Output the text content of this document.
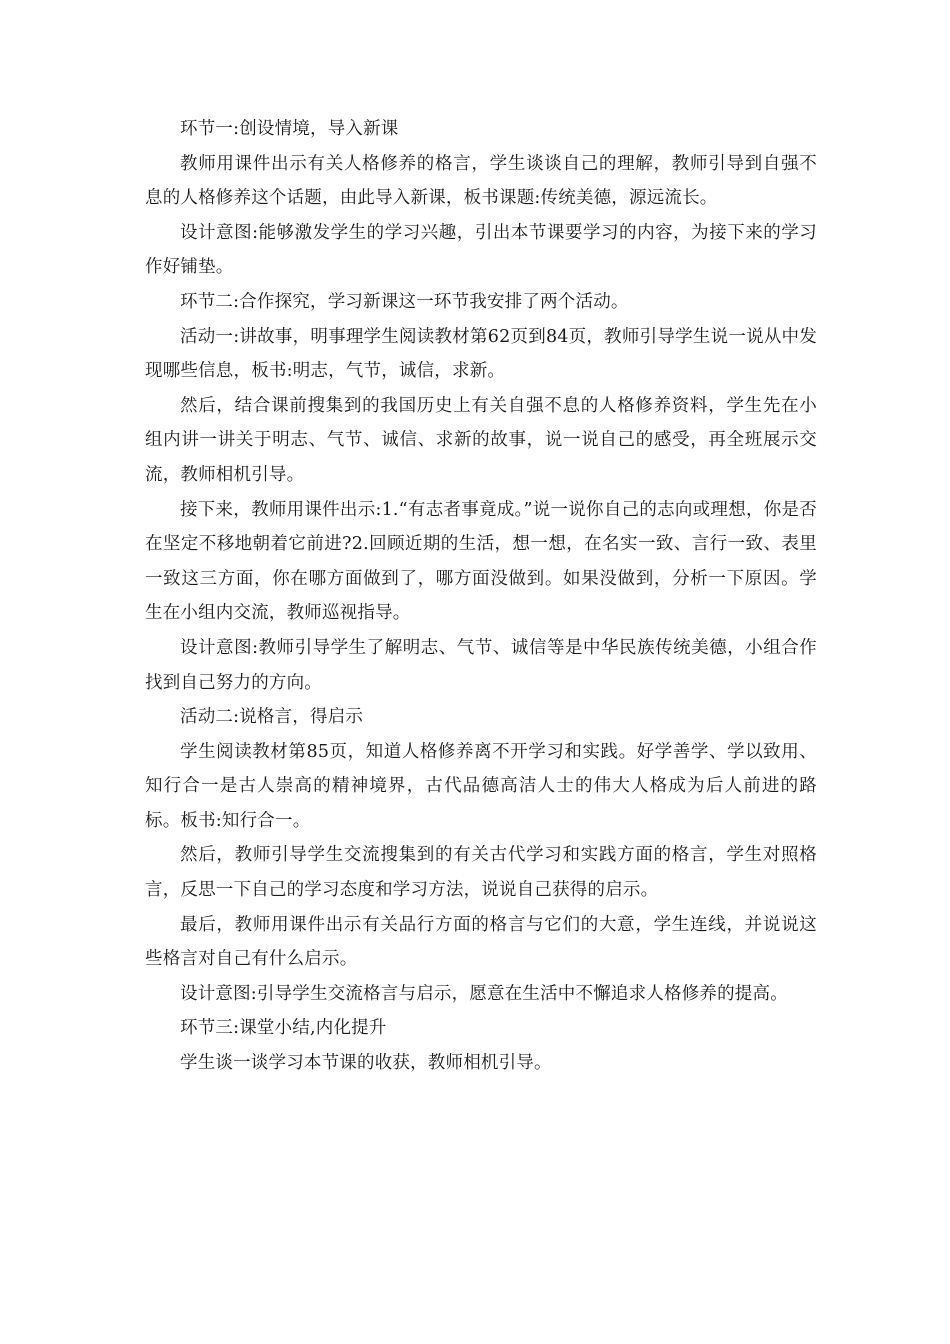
环节一:创设情境，导入新课

教师用课件出示有关人格修养的格言，学生谈谈自己的理解，教师引导到自强不息的人格修养这个话题，由此导入新课，板书课题:传统美德，源远流长。

设计意图:能够激发学生的学习兴趣，引出本节课要学习的内容，为接下来的学习作好铺垫。

环节二:合作探究，学习新课这一环节我安排了两个活动。

活动一:讲故事，明事理学生阅读教材第62页到84页，教师引导学生说一说从中发现哪些信息，板书:明志，气节，诚信，求新。

然后，结合课前搜集到的我国历史上有关自强不息的人格修养资料，学生先在小组内讲一讲关于明志、气节、诚信、求新的故事，说一说自己的感受，再全班展示交流，教师相机引导。

接下来，教师用课件出示:1.“有志者事竟成。”说一说你自己的志向或理想，你是否在坚定不移地朝着它前进?2.回顾近期的生活，想一想，在名实一致、言行一致、表里一致这三方面，你在哪方面做到了，哪方面没做到。如果没做到，分析一下原因。学生在小组内交流，教师巡视指导。

设计意图:教师引导学生了解明志、气节、诚信等是中华民族传统美德，小组合作找到自己努力的方向。

活动二:说格言，得启示

学生阅读教材第85页，知道人格修养离不开学习和实践。好学善学、学以致用、知行合一是古人崇高的精神境界，古代品德高洁人士的伟大人格成为后人前进的路标。板书:知行合一。

然后，教师引导学生交流搜集到的有关古代学习和实践方面的格言，学生对照格言，反思一下自己的学习态度和学习方法，说说自己获得的启示。

最后，教师用课件出示有关品行方面的格言与它们的大意，学生连线，并说说这些格言对自己有什么启示。

设计意图:引导学生交流格言与启示，愿意在生活中不懈追求人格修养的提高。

环节三:课堂小结,内化提升

学生谈一谈学习本节课的收获，教师相机引导。
